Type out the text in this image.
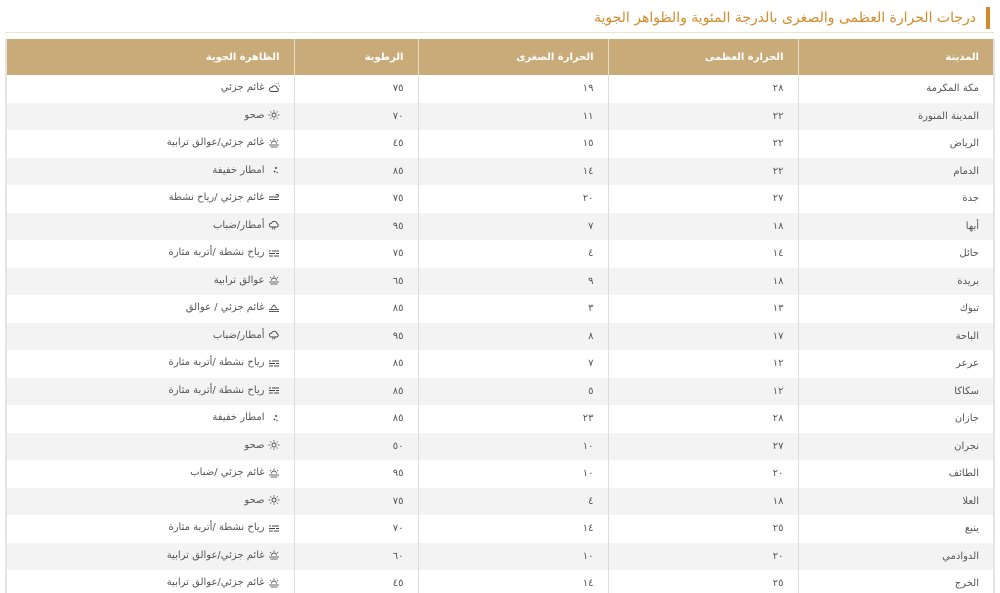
درجات الحرارة العظمى والصغرى بالدرجة المئوية والظواهر الجوية
المدينة	الحرارة العظمى	الحرارة الصغرى	الرطوبة	الظاهرة الجوية
مكة المكرمة	٢٨	١٩	٧٥	غائم جزئي

المدينة المنورة	٢٢	١١	٧٠	صحو

الرياض	٢٢	١٥	٤٥	غائم جزئي/عوالق ترابية

الدمام	٢٢	١٤	٨٥	امطار خفيفة

جدة	٢٧	٢٠	٧٥	غائم جزئي /رياح نشطة

أبها	١٨	٧	٩٥	أمطار/ضباب

حائل	١٤	٤	٧٥	رياح نشطة /أتربة مثارة

بريدة	١٨	٩	٦٥	عوالق ترابية

تبوك	١٣	٣	٨٥	غائم جزئي / عوالق

الباحة	١٧	٨	٩٥	أمطار/ضباب

عرعر	١٢	٧	٨٥	رياح نشطة /أتربة مثارة

سكاكا	١٢	٥	٨٥	رياح نشطة /أتربة مثارة

جازان	٢٨	٢٣	٨٥	امطار خفيفة

نجران	٢٧	١٠	٥٠	صحو

الطائف	٢٠	١٠	٩٥	غائم جزئي /ضباب

العلا	١٨	٤	٧٥	صحو

ينبع	٢٥	١٤	٧٠	رياح نشطة /أتربة مثارة

الدوادمي	٢٠	١٠	٦٠	غائم جزئي/عوالق ترابية

الخرج	٢٥	١٤	٤٥	غائم جزئي/عوالق ترابية
